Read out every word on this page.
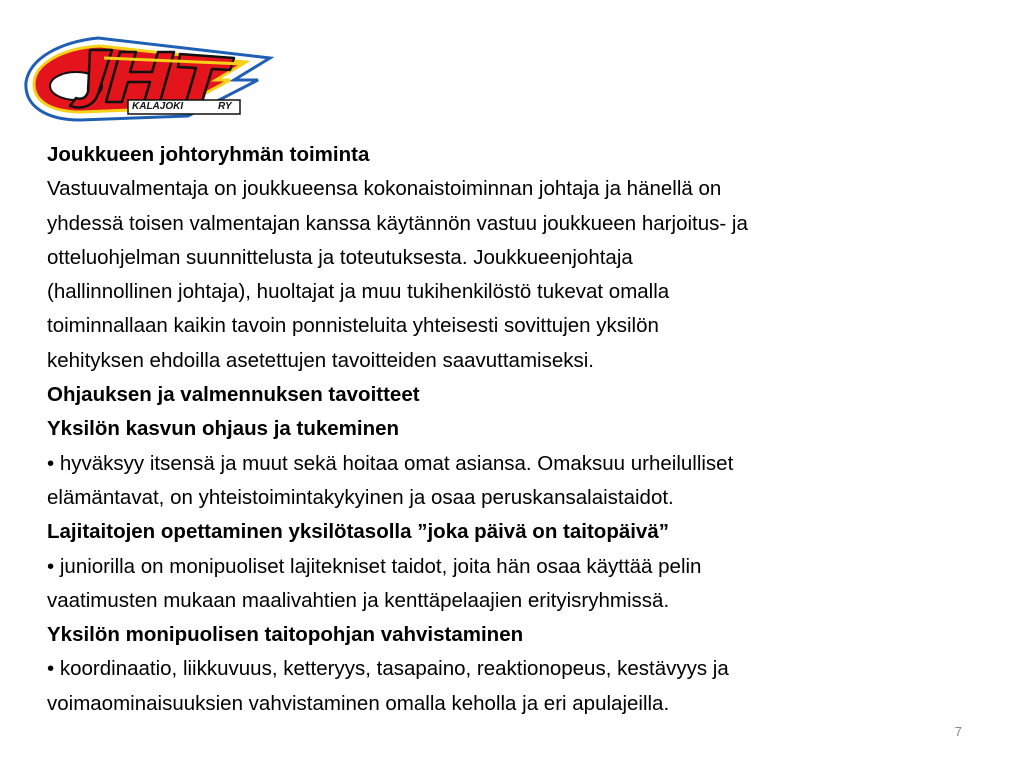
KALAJOKI	RY
Joukkueen johtoryhmän toiminta
Vastuuvalmentaja on joukkueensa kokonaistoiminnan johtaja ja hänellä on
yhdessä toisen valmentajan kanssa käytännön vastuu joukkueen harjoitus- ja
otteluohjelman suunnittelusta ja toteutuksesta. Joukkueenjohtaja
(hallinnollinen johtaja), huoltajat ja muu tukihenkilöstö tukevat omalla
toiminnallaan kaikin tavoin ponnisteluita yhteisesti sovittujen yksilön
kehityksen ehdoilla asetettujen tavoitteiden saavuttamiseksi.
Ohjauksen ja valmennuksen tavoitteet
Yksilön kasvun ohjaus ja tukeminen
• hyväksyy itsensä ja muut sekä hoitaa omat asiansa. Omaksuu urheilulliset
elämäntavat, on yhteistoimintakykyinen ja osaa peruskansalaistaidot.
Lajitaitojen opettaminen yksilötasolla ”joka päivä on taitopäivä”
• juniorilla on monipuoliset lajitekniset taidot, joita hän osaa käyttää pelin
vaatimusten mukaan maalivahtien ja kenttäpelaajien erityisryhmissä.
Yksilön monipuolisen taitopohjan vahvistaminen
• koordinaatio, liikkuvuus, ketteryys, tasapaino, reaktionopeus, kestävyys ja
voimaominaisuuksien vahvistaminen omalla keholla ja eri apulajeilla.
7
